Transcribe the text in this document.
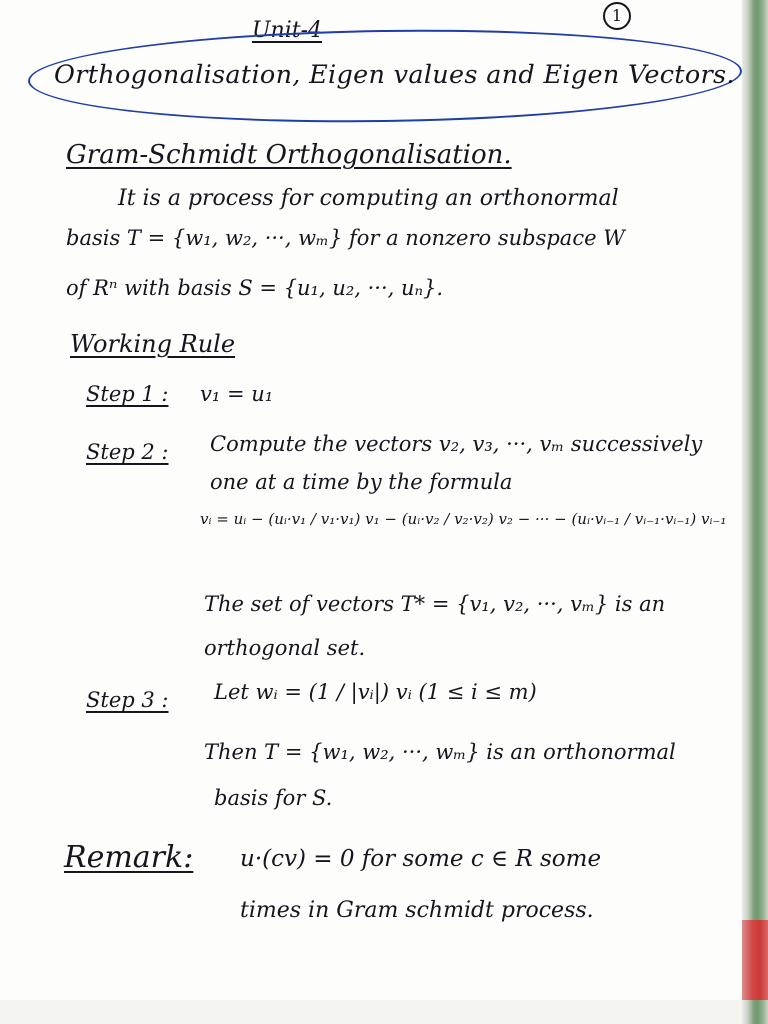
Unit-4
1
Orthogonalisation, Eigen values and Eigen Vectors.
Gram-Schmidt Orthogonalisation.
It is a process for computing an orthonormal
basis T = {w₁, w₂, ···, wₘ} for a nonzero subspace W
of Rⁿ with basis S = {u₁, u₂, ···, uₙ}.
Working Rule
Step 1 : v₁ = u₁
Step 2 : Compute the vectors v₂, v₃, ···, vₘ successively
one at a time by the formula
vᵢ = uᵢ − (uᵢ·v₁ / v₁·v₁) v₁ − (uᵢ·v₂ / v₂·v₂) v₂ − ··· − (uᵢ·vᵢ₋₁ / vᵢ₋₁·vᵢ₋₁) vᵢ₋₁
The set of vectors T* = {v₁, v₂, ···, vₘ} is an
orthogonal set.
Step 3 : Let wᵢ = (1 / |vᵢ|) vᵢ (1 ≤ i ≤ m)
Then T = {w₁, w₂, ···, wₘ} is an orthonormal
basis for S.
Remark: u·(cv) = 0 for some c ∈ R some
times in Gram schmidt process.
